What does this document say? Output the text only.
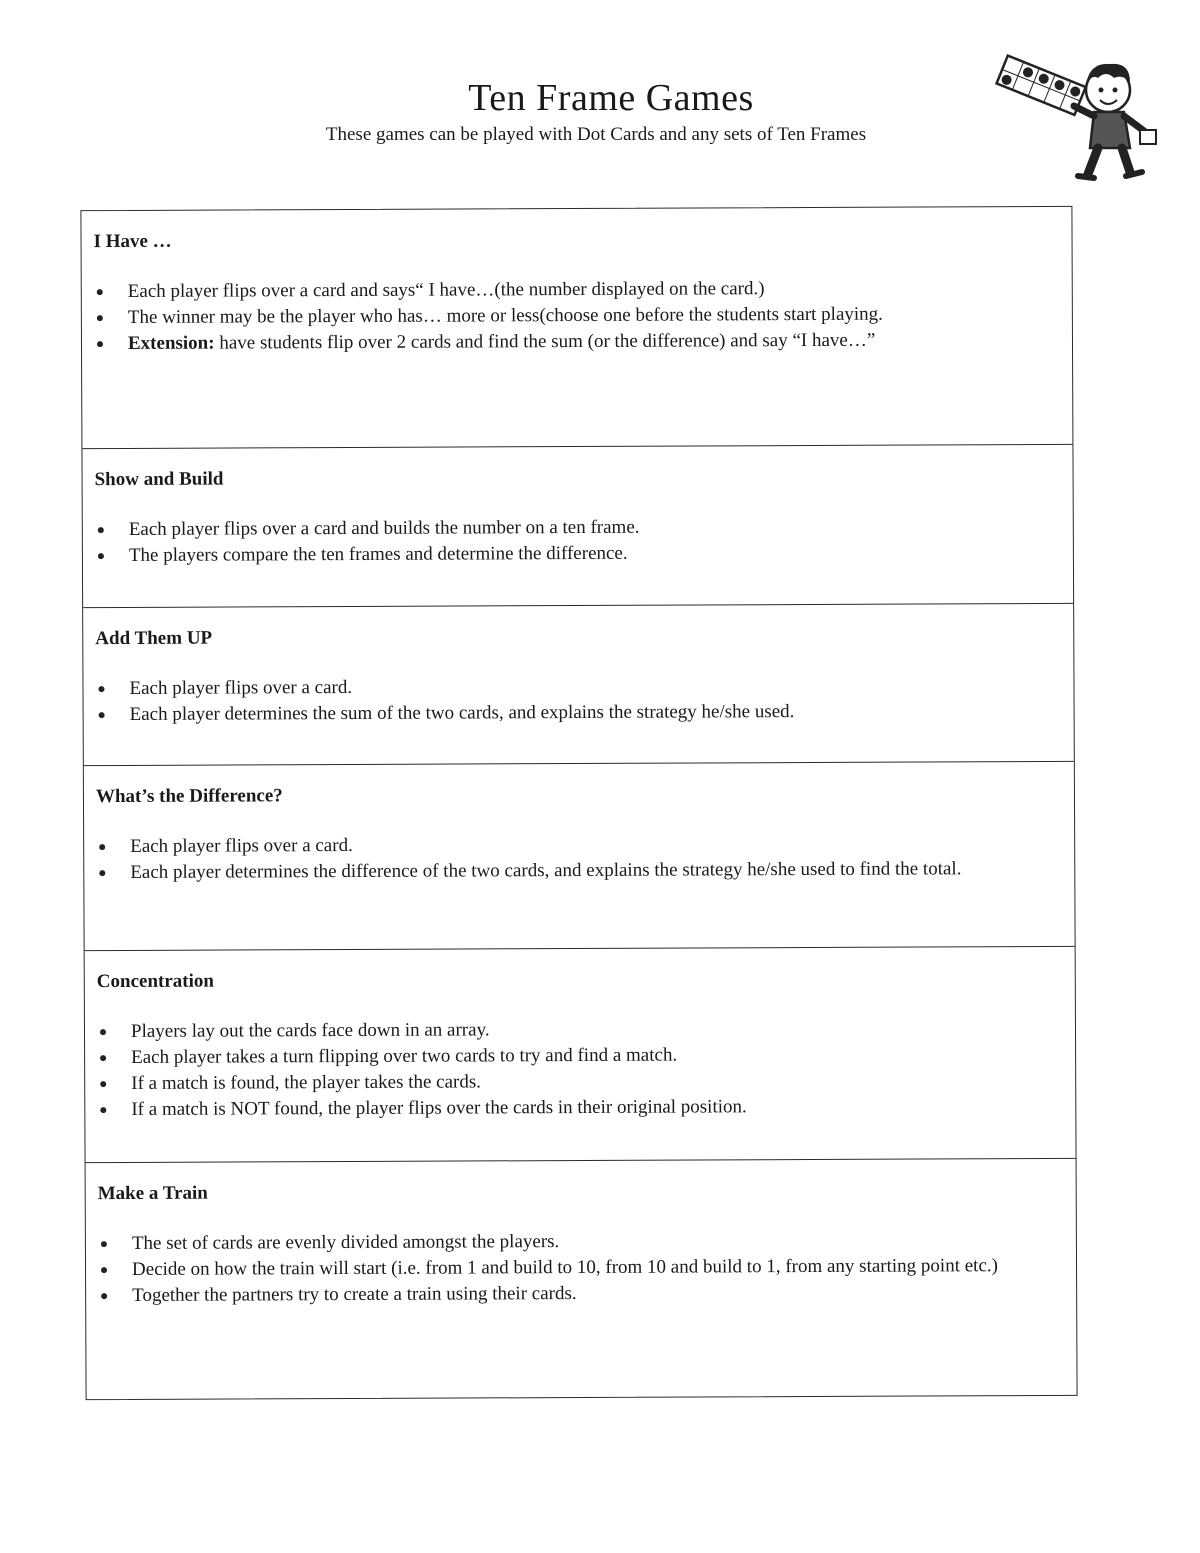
Ten Frame Games

These games can be played with Dot Cards and any sets of Ten Frames

I Have …
Each player flips over a card and says“ I have…(the number displayed on the card.)
The winner may be the player who has… more or less(choose one before the students start playing.
Extension: have students flip over 2 cards and find the sum (or the difference) and say “I have…”
Show and Build
Each player flips over a card and builds the number on a ten frame.
The players compare the ten frames and determine the difference.
Add Them UP
Each player flips over a card.
Each player determines the sum of the two cards, and explains the strategy he/she used.
What’s the Difference?
Each player flips over a card.
Each player determines the difference of the two cards, and explains the strategy he/she used to find the total.
Concentration
Players lay out the cards face down in an array.
Each player takes a turn flipping over two cards to try and find a match.
If a match is found, the player takes the cards.
If a match is NOT found, the player flips over the cards in their original position.
Make a Train
The set of cards are evenly divided amongst the players.
Decide on how the train will start (i.e. from 1 and build to 10, from 10 and build to 1, from any starting point etc.)
Together the partners try to create a train using their cards.
